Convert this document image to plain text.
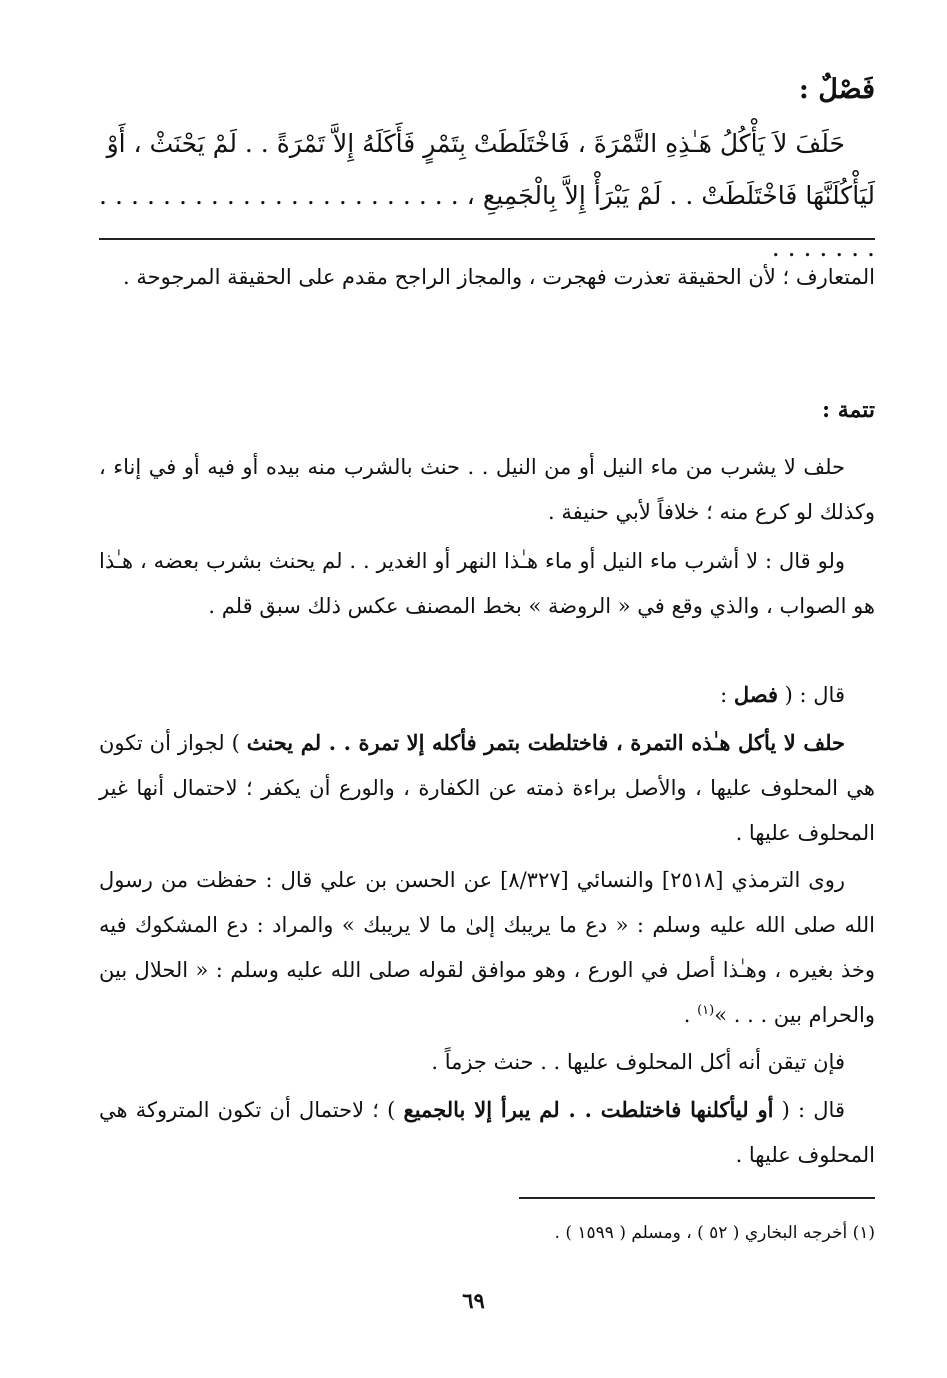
فَصْلٌ :

حَلَفَ لاَ يَأْكُلُ هَـٰذِهِ التَّمْرَةَ ، فَاخْتَلَطَتْ بِتَمْرٍ فَأَكَلَهُ إِلاَّ تَمْرَةً . . لَمْ يَحْنَثْ ، أَوْ

لَيَأْكُلَنَّهَا فَاخْتَلَطَتْ . . لَمْ يَبْرَأْ إِلاَّ بِالْجَمِيعِ ، . . . . . . . . . . . . . . . . . . . . . . . . . . . . . .

المتعارف ؛ لأن الحقيقة تعذرت فهجرت ، والمجاز الراجح مقدم على الحقيقة المرجوحة .

تتمة :

حلف لا يشرب من ماء النيل أو من النيل . . حنث بالشرب منه بيده أو فيه أو في إناء ، وكذلك لو كرع منه ؛ خلافاً لأبي حنيفة .

ولو قال : لا أشرب ماء النيل أو ماء هـٰذا النهر أو الغدير . . لم يحنث بشرب بعضه ، هـٰذا هو الصواب ، والذي وقع في « الروضة » بخط المصنف عكس ذلك سبق قلم .

قال : ( فصل :

حلف لا يأكل هـٰذه التمرة ، فاختلطت بتمر فأكله إلا تمرة . . لم يحنث ) لجواز أن تكون هي المحلوف عليها ، والأصل براءة ذمته عن الكفارة ، والورع أن يكفر ؛ لاحتمال أنها غير المحلوف عليها .

روى الترمذي [٢٥١٨] والنسائي [٨/٣٢٧] عن الحسن بن علي قال : حفظت من رسول الله صلى الله عليه وسلم : « دع ما يريبك إلىٰ ما لا يريبك » والمراد : دع المشكوك فيه وخذ بغيره ، وهـٰذا أصل في الورع ، وهو موافق لقوله صلى الله عليه وسلم : « الحلال بين والحرام بين . . . »$^{(١)}$ .

فإن تيقن أنه أكل المحلوف عليها . . حنث جزماً .

قال : ( أو ليأكلنها فاختلطت . . لم يبرأ إلا بالجميع ) ؛ لاحتمال أن تكون المتروكة هي المحلوف عليها .

(١) أخرجه البخاري ( ٥٢ ) ، ومسلم ( ١٥٩٩ ) .

٦٩
